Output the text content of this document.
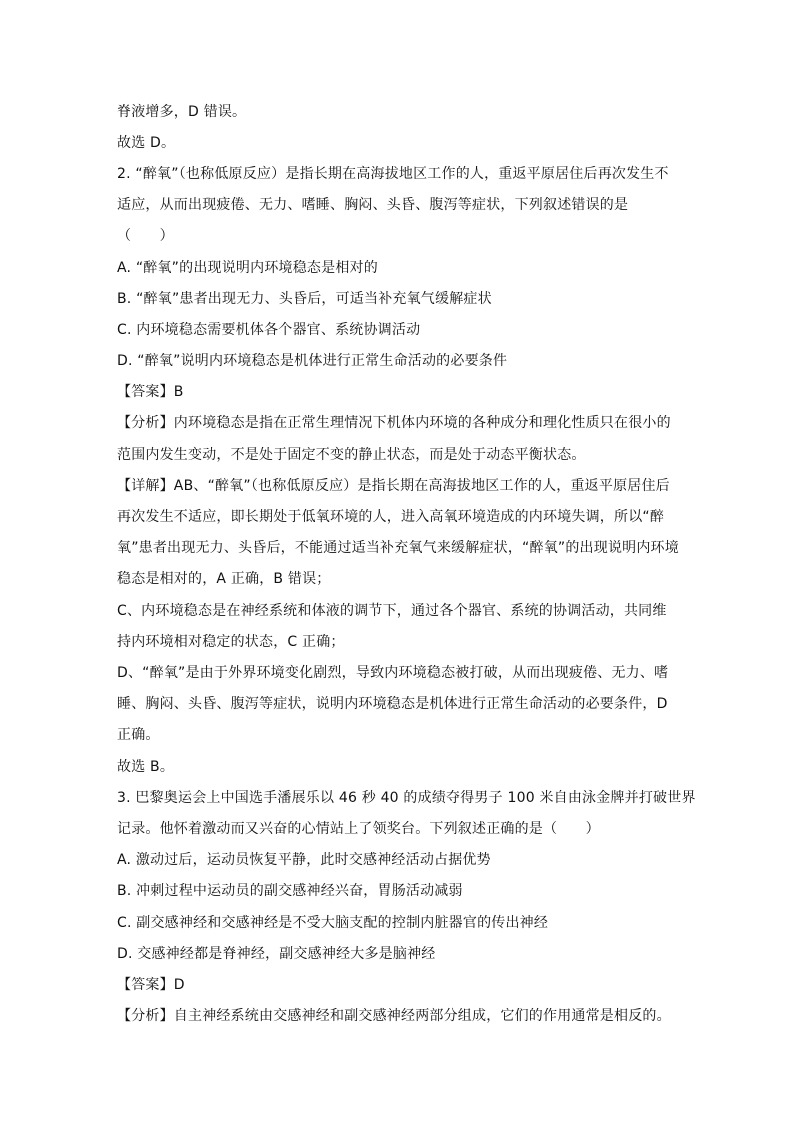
脊液增多，D 错误。
故选 D。
2. “醉氧”（也称低原反应）是指长期在高海拔地区工作的人，重返平原居住后再次发生不
适应，从而出现疲倦、无力、嗜睡、胸闷、头昏、腹泻等症状，下列叙述错误的是
（　　）
A. “醉氧”的出现说明内环境稳态是相对的
B. “醉氧”患者出现无力、头昏后，可适当补充氧气缓解症状
C. 内环境稳态需要机体各个器官、系统协调活动
D. “醉氧”说明内环境稳态是机体进行正常生命活动的必要条件
【答案】B
【分析】内环境稳态是指在正常生理情况下机体内环境的各种成分和理化性质只在很小的
范围内发生变动，不是处于固定不变的静止状态，而是处于动态平衡状态。
【详解】AB、“醉氧”（也称低原反应）是指长期在高海拔地区工作的人，重返平原居住后
再次发生不适应，即长期处于低氧环境的人，进入高氧环境造成的内环境失调，所以“醉
氧”患者出现无力、头昏后，不能通过适当补充氧气来缓解症状，“醉氧”的出现说明内环境
稳态是相对的，A 正确，B 错误；
C、内环境稳态是在神经系统和体液的调节下，通过各个器官、系统的协调活动，共同维
持内环境相对稳定的状态，C 正确；
D、“醉氧”是由于外界环境变化剧烈，导致内环境稳态被打破，从而出现疲倦、无力、嗜
睡、胸闷、头昏、腹泻等症状，说明内环境稳态是机体进行正常生命活动的必要条件，D
正确。
故选 B。
3. 巴黎奥运会上中国选手潘展乐以 46 秒 40 的成绩夺得男子 100 米自由泳金牌并打破世界
记录。他怀着激动而又兴奋的心情站上了领奖台。下列叙述正确的是（　　）
A. 激动过后，运动员恢复平静，此时交感神经活动占据优势
B. 冲刺过程中运动员的副交感神经兴奋，胃肠活动减弱
C. 副交感神经和交感神经是不受大脑支配的控制内脏器官的传出神经
D. 交感神经都是脊神经，副交感神经大多是脑神经
【答案】D
【分析】自主神经系统由交感神经和副交感神经两部分组成，它们的作用通常是相反的。
